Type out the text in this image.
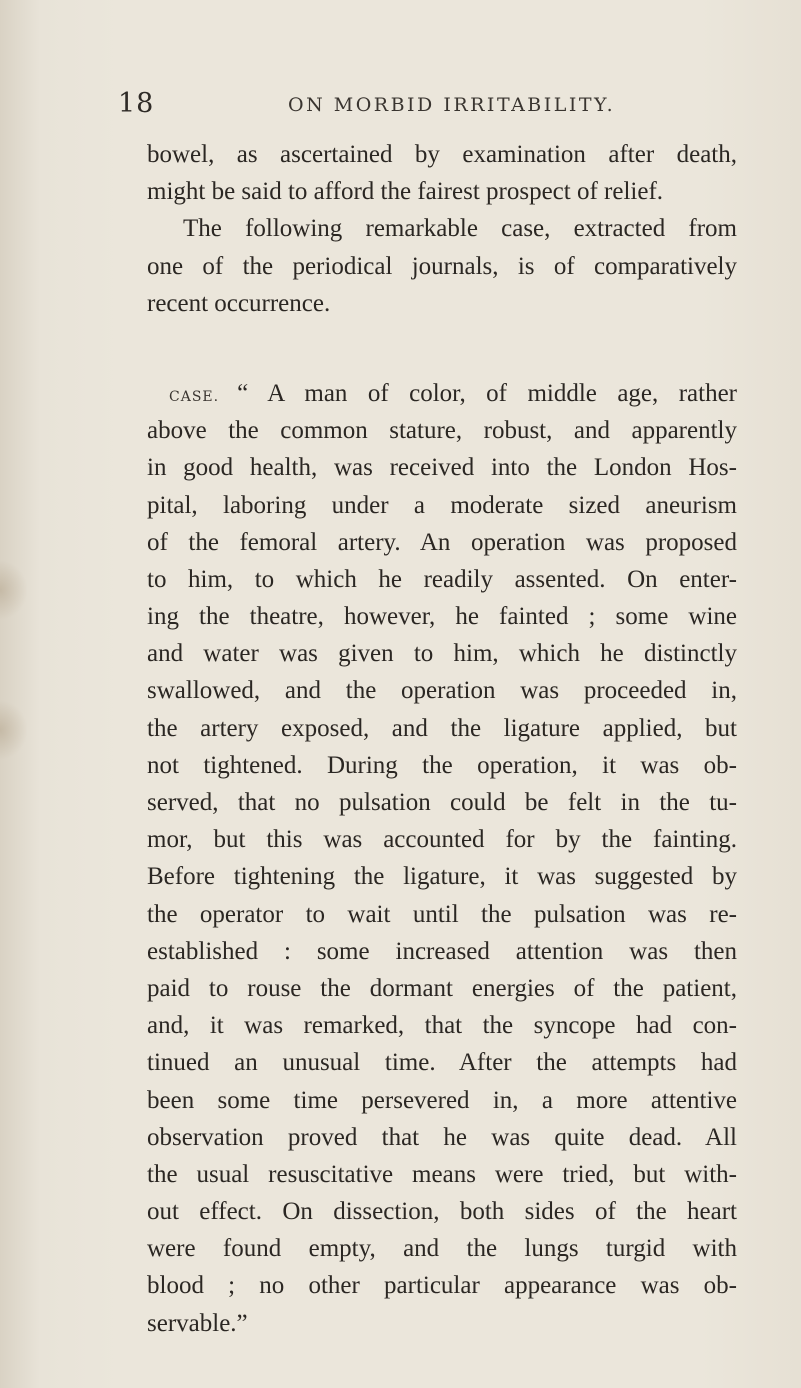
18	ON MORBID IRRITABILITY.
bowel, as ascertained by examination after death,
might be said to afford the fairest prospect of relief.
The following remarkable case, extracted from
one of the periodical journals, is of comparatively
recent occurrence.
CASE. “ A man of color, of middle age, rather
above the common stature, robust, and apparently
in good health, was received into the London Hos-
pital, laboring under a moderate sized aneurism
of the femoral artery. An operation was proposed
to him, to which he readily assented. On enter-
ing the theatre, however, he fainted ; some wine
and water was given to him, which he distinctly
swallowed, and the operation was proceeded in,
the artery exposed, and the ligature applied, but
not tightened. During the operation, it was ob-
served, that no pulsation could be felt in the tu-
mor, but this was accounted for by the fainting.
Before tightening the ligature, it was suggested by
the operator to wait until the pulsation was re-
established : some increased attention was then
paid to rouse the dormant energies of the patient,
and, it was remarked, that the syncope had con-
tinued an unusual time. After the attempts had
been some time persevered in, a more attentive
observation proved that he was quite dead. All
the usual resuscitative means were tried, but with-
out effect. On dissection, both sides of the heart
were found empty, and the lungs turgid with
blood ; no other particular appearance was ob-
servable.”
